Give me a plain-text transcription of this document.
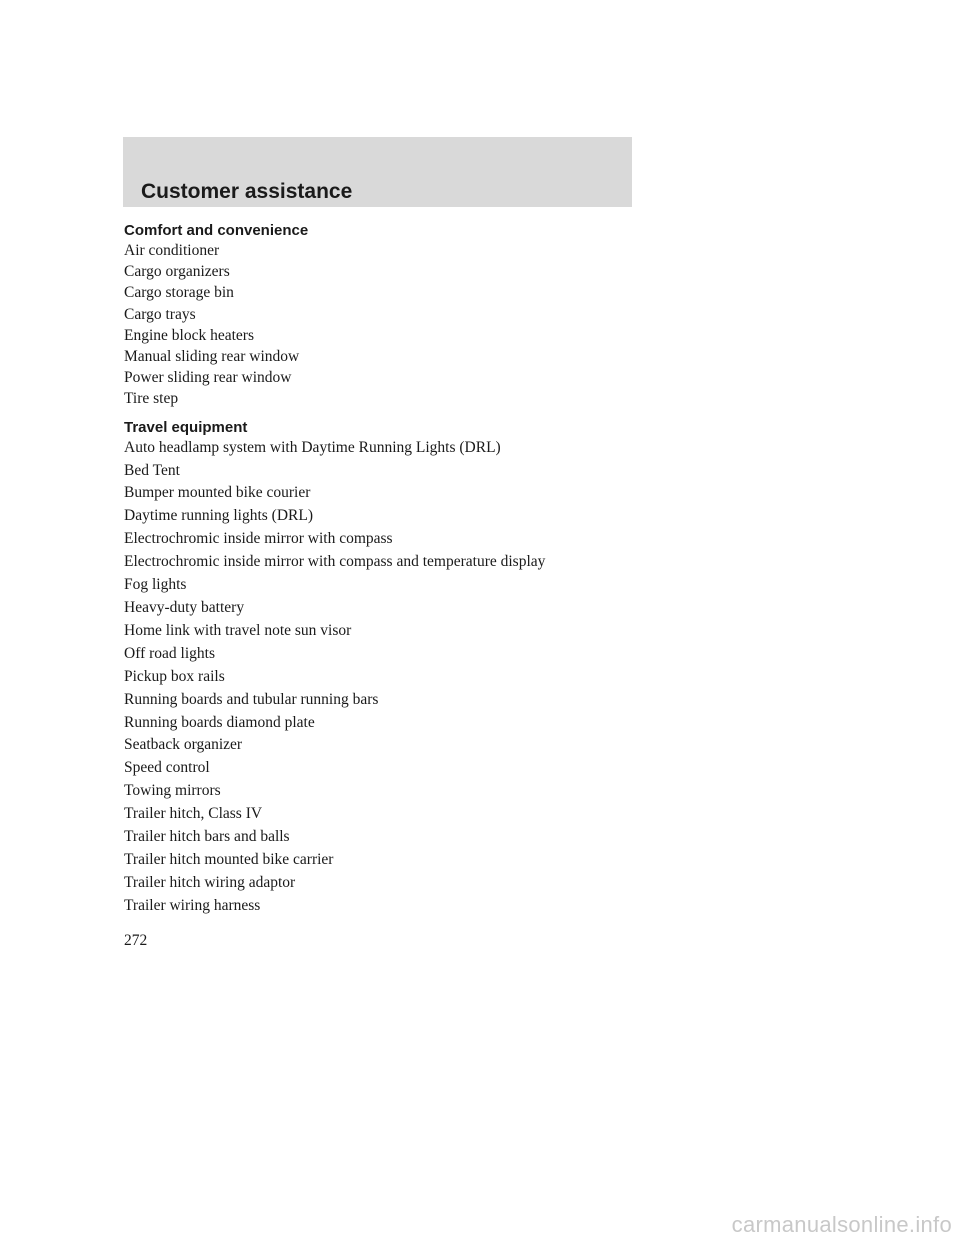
Customer assistance
Comfort and convenience
Air conditioner
Cargo organizers
Cargo storage bin
Cargo trays
Engine block heaters
Manual sliding rear window
Power sliding rear window
Tire step
Travel equipment
Auto headlamp system with Daytime Running Lights (DRL)
Bed Tent
Bumper mounted bike courier
Daytime running lights (DRL)
Electrochromic inside mirror with compass
Electrochromic inside mirror with compass and temperature display
Fog lights
Heavy-duty battery
Home link with travel note sun visor
Off road lights
Pickup box rails
Running boards and tubular running bars
Running boards diamond plate
Seatback organizer
Speed control
Towing mirrors
Trailer hitch, Class IV
Trailer hitch bars and balls
Trailer hitch mounted bike carrier
Trailer hitch wiring adaptor
Trailer wiring harness
272
carmanualsonline.info
